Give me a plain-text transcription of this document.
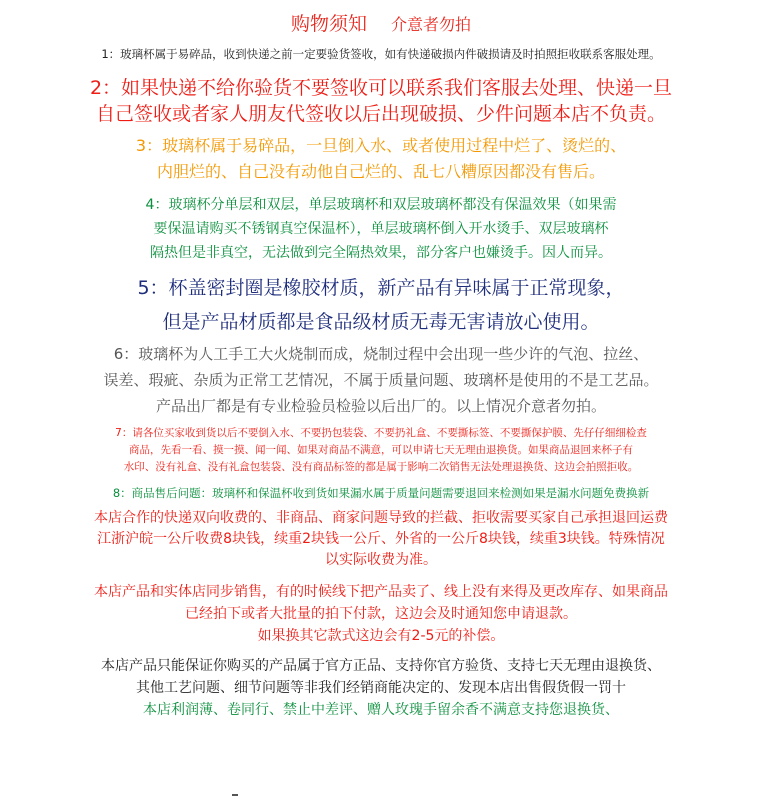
购物须知 介意者勿拍

1：玻璃杯属于易碎品，收到快递之前一定要验货签收，如有快递破损内件破损请及时拍照拒收联系客服处理。

2：如果快递不给你验货不要签收可以联系我们客服去处理、快递一旦
自己签收或者家人朋友代签收以后出现破损、少件问题本店不负责。

3：玻璃杯属于易碎品，一旦倒入水、或者使用过程中烂了、烫烂的、
内胆烂的、自己没有动他自己烂的、乱七八糟原因都没有售后。

4：玻璃杯分单层和双层，单层玻璃杯和双层玻璃杯都没有保温效果（如果需
要保温请购买不锈钢真空保温杯），单层玻璃杯倒入开水烫手、双层玻璃杯
隔热但是非真空，无法做到完全隔热效果，部分客户也嫌烫手。因人而异。

5：杯盖密封圈是橡胶材质，新产品有异味属于正常现象，
但是产品材质都是食品级材质无毒无害请放心使用。

6：玻璃杯为人工手工大火烧制而成，烧制过程中会出现一些少许的气泡、拉丝、
误差、瑕疵、杂质为正常工艺情况，不属于质量问题、玻璃杯是使用的不是工艺品。
产品出厂都是有专业检验员检验以后出厂的。以上情况介意者勿拍。

7：请各位买家收到货以后不要倒入水、不要扔包装袋、不要扔礼盒、不要撕标签、不要撕保护膜、先仔仔细细检查
商品，先看一看、摸一摸、闻一闻、如果对商品不满意，可以申请七天无理由退换货。如果商品退回来杯子有
水印、没有礼盒、没有礼盒包装袋、没有商品标签的都是属于影响二次销售无法处理退换货、这边会拍照拒收。

8：商品售后问题：玻璃杯和保温杯收到货如果漏水属于质量问题需要退回来检测如果是漏水问题免费换新

本店合作的快递双向收费的、非商品、商家问题导致的拦截、拒收需要买家自己承担退回运费
江浙沪皖一公斤收费8块钱，续重2块钱一公斤、外省的一公斤8块钱，续重3块钱。特殊情况
以实际收费为准。

本店产品和实体店同步销售，有的时候线下把产品卖了、线上没有来得及更改库存、如果商品
已经拍下或者大批量的拍下付款，这边会及时通知您申请退款。
如果换其它款式这边会有2-5元的补偿。

本店产品只能保证你购买的产品属于官方正品、支持你官方验货、支持七天无理由退换货、
其他工艺问题、细节问题等非我们经销商能决定的、发现本店出售假货假一罚十

本店利润薄、卷同行、禁止中差评、赠人玫瑰手留余香不满意支持您退换货、
